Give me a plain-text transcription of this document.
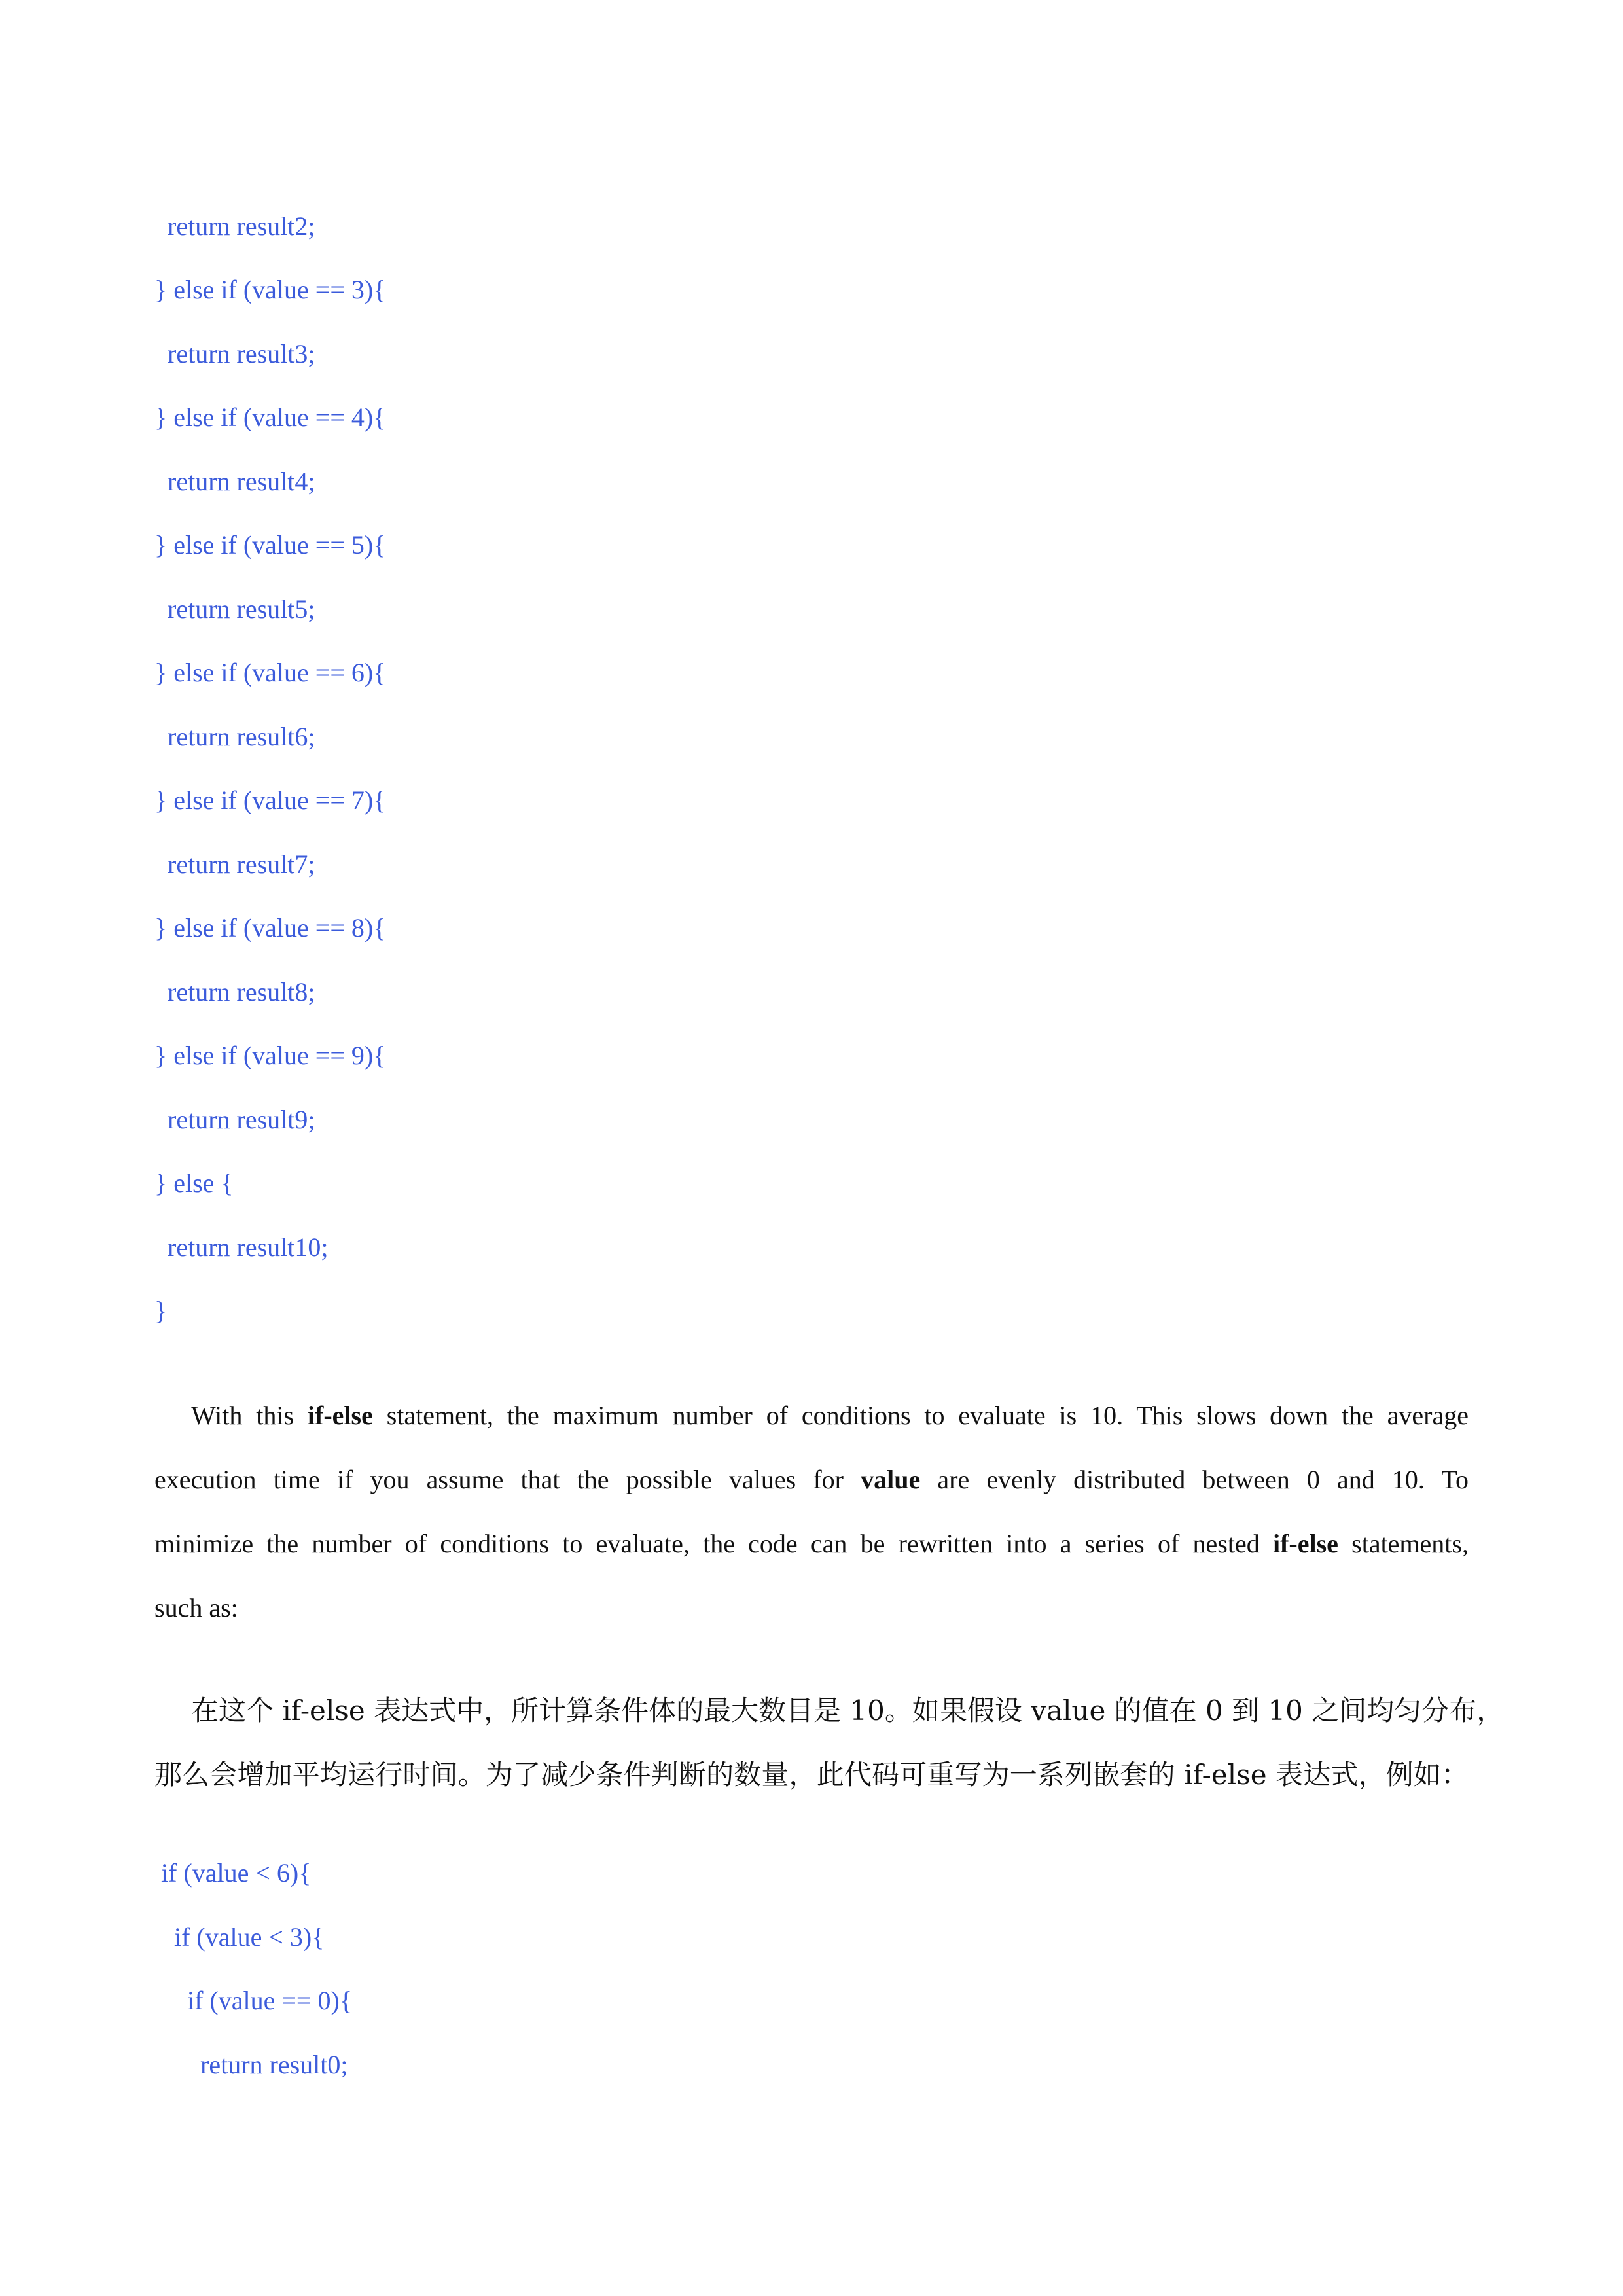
return result2;
} else if (value == 3){
return result3;
} else if (value == 4){
return result4;
} else if (value == 5){
return result5;
} else if (value == 6){
return result6;
} else if (value == 7){
return result7;
} else if (value == 8){
return result8;
} else if (value == 9){
return result9;
} else {
return result10;
}
With this if-else statement, the maximum number of conditions to evaluate is 10. This slows down the average
execution time if you assume that the possible values for value are evenly distributed between 0 and 10. To
minimize the number of conditions to evaluate, the code can be rewritten into a series of nested if-else statements,
such as:
在这个 if-else 表达式中，所计算条件体的最大数目是 10。如果假设 value 的值在 0 到 10 之间均匀分布，
那么会增加平均运行时间。为了减少条件判断的数量，此代码可重写为一系列嵌套的 if-else 表达式，例如：
if (value < 6){
if (value < 3){
if (value == 0){
return result0;
